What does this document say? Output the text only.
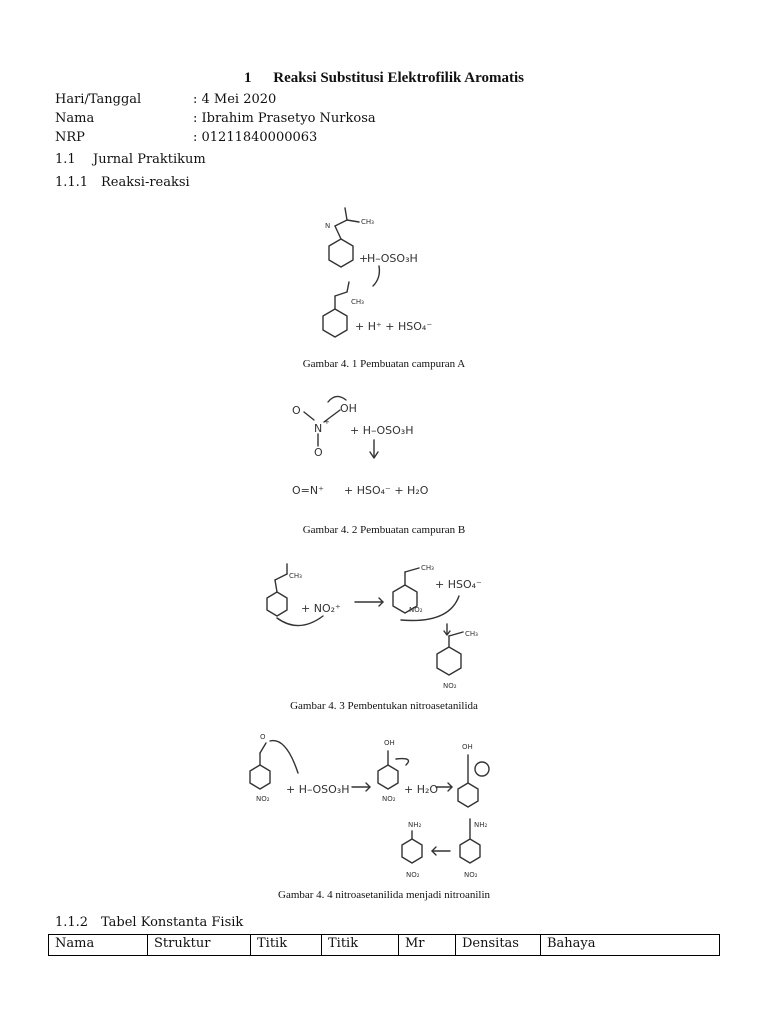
1 Reaksi Substitusi Elektrofilik Aromatis
Hari/Tanggal	: 4 Mei 2020
Nama	: Ibrahim Prasetyo Nurkosa
NRP	: 01211840000063
1.1 Jurnal Praktikum
1.1.1 Reaksi-reaksi
N	CH₃
H–OSO₃H
+
CH₃
+ H⁺ + HSO₄⁻
Gambar 4. 1 Pembuatan campuran A
O
N +
O
OH
+ H–OSO₃H
O=N⁺ + HSO₄⁻ + H₂O
Gambar 4. 2 Pembuatan campuran B
CH₃
+ NO₂⁺
CH₃
NO₂
+ HSO₄⁻
CH₃
NO₂
Gambar 4. 3 Pembentukan nitroasetanilida
O
NO₂
+ H–OSO₃H
OH
NO₂
+ H₂O
OH
NH₂
NO₂
NH₂
NO₂
Gambar 4. 4 nitroasetanilida menjadi nitroanilin
1.1.2 Tabel Konstanta Fisik
Nama	Struktur	Titik	Titik	Mr	Densitas	Bahaya
